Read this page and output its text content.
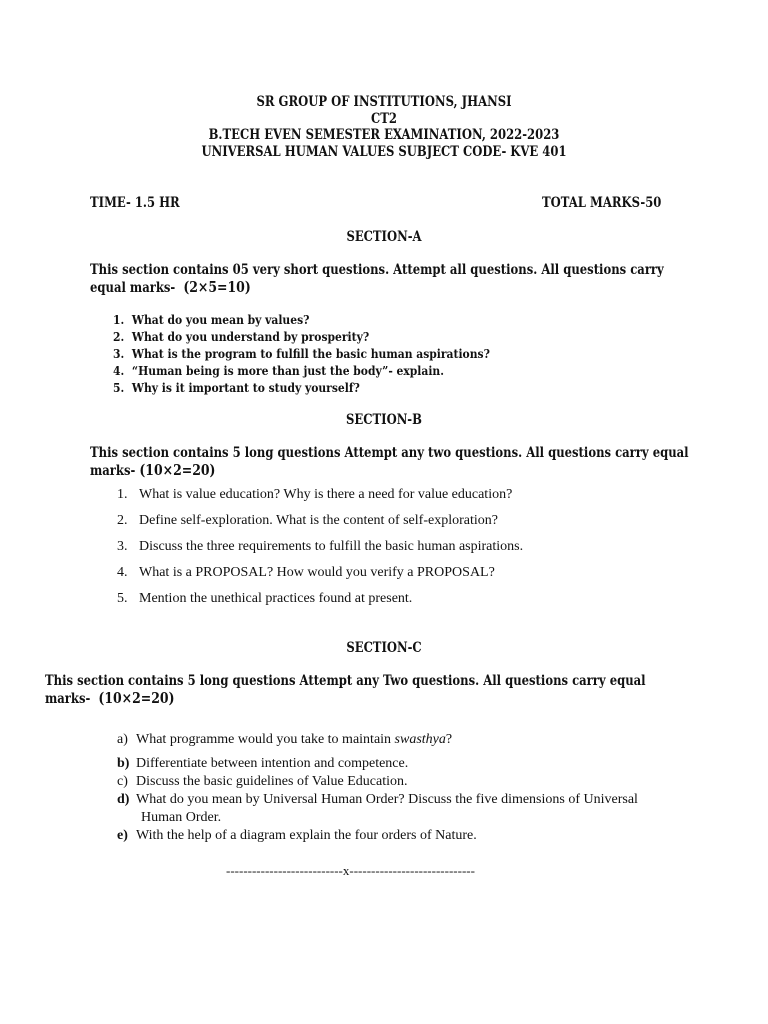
SR GROUP OF INSTITUTIONS, JHANSI
CT2
B.TECH EVEN SEMESTER EXAMINATION, 2022-2023
UNIVERSAL HUMAN VALUES SUBJECT CODE- KVE 401
TIME- 1.5 HR	TOTAL MARKS-50
SECTION-A
This section contains 05 very short questions. Attempt all questions. All questions carry
equal marks- (2×5=10)
1. What do you mean by values?
2. What do you understand by prosperity?
3. What is the program to fulfill the basic human aspirations?
4. “Human being is more than just the body”- explain.
5. Why is it important to study yourself?
SECTION-B
This section contains 5 long questions Attempt any two questions. All questions carry equal
marks- (10×2=20)
1. What is value education? Why is there a need for value education?
2. Define self-exploration. What is the content of self-exploration?
3. Discuss the three requirements to fulfill the basic human aspirations.
4. What is a PROPOSAL? How would you verify a PROPOSAL?
5. Mention the unethical practices found at present.
SECTION-C
This section contains 5 long questions Attempt any Two questions. All questions carry equal
marks- (10×2=20)
a) What programme would you take to maintain swasthya?
b) Differentiate between intention and competence.
c) Discuss the basic guidelines of Value Education.
d) What do you mean by Universal Human Order? Discuss the five dimensions of Universal
Human Order.
e) With the help of a diagram explain the four orders of Nature.
---------------------------x-----------------------------
